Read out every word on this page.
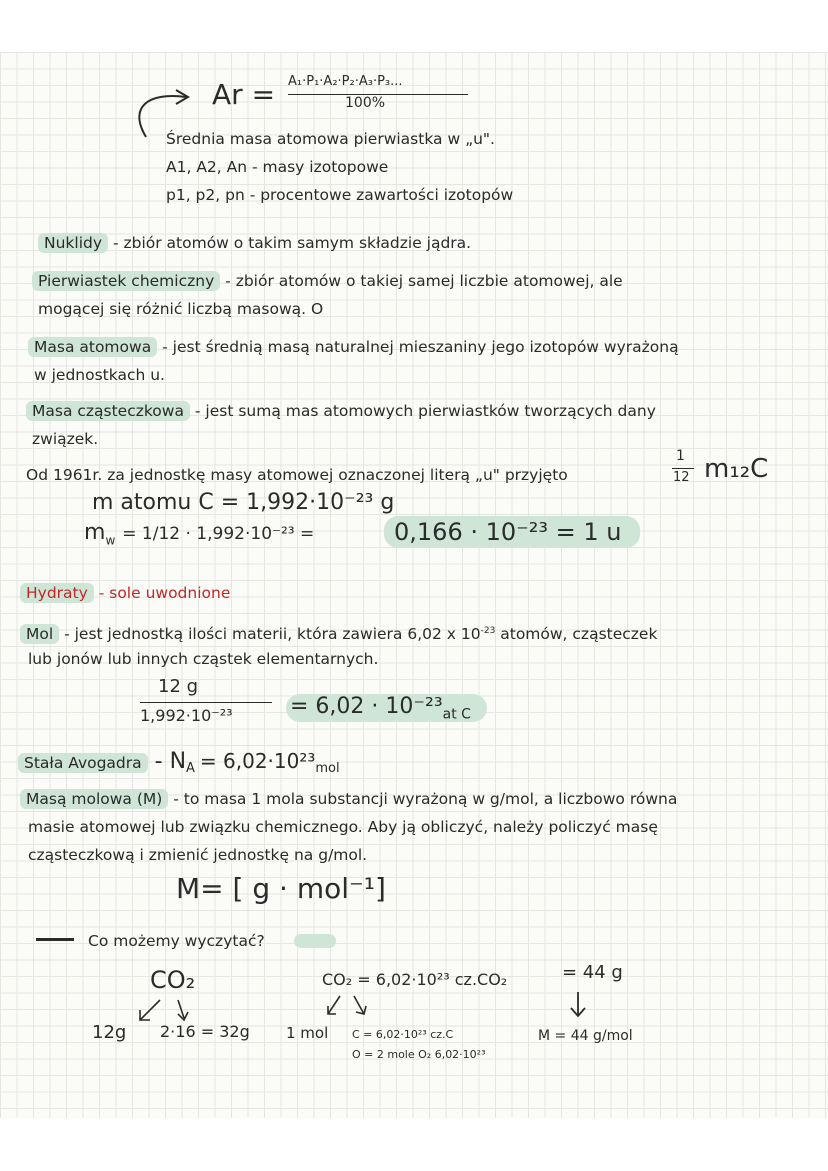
Ar = A₁·P₁·A₂·P₂·A₃·P₃...
100%
Średnia masa atomowa pierwiastka w „u".
A1, A2, An - masy izotopowe
p1, p2, pn - procentowe zawartości izotopów
Nuklidy - zbiór atomów o takim samym składzie jądra.
Pierwiastek chemiczny - zbiór atomów o takiej samej liczbie atomowej, ale
mogącej się różnić liczbą masową. O
Masa atomowa - jest średnią masą naturalnej mieszaniny jego izotopów wyrażoną
w jednostkach u.
Masa cząsteczkowa - jest sumą mas atomowych pierwiastków tworzących dany
związek.
Od 1961r. za jednostkę masy atomowej oznaczonej literą „u" przyjęto
1
12 m₁₂C
m atomu C = 1,992·10⁻²³ g
$m_w = 1/12 \cdot 1,992\cdot 10^{-23}$ =	0,166 · 10⁻²³ = 1 u
Hydraty - sole uwodnione
Mol - jest jednostką ilości materii, która zawiera 6,02 x $10^{-23}$ atomów, cząsteczek
lub jonów lub innych cząstek elementarnych.
12 g
1,992·10⁻²³	= $6,02 \cdot 10^{-23}_{at C}$
Stała Avogadra - $N_A = 6,02\cdot 10^{23}_{mol}$
Masą molowa (M) - to masa 1 mola substancji wyrażoną w g/mol, a liczbowo równa
masie atomowej lub związku chemicznego. Aby ją obliczyć, należy policzyć masę
cząsteczkową i zmienić jednostkę na g/mol.
M= [ g · mol⁻¹]
Co możemy wyczytać?
CO₂
12g 2·16 = 32g
CO₂ = 6,02·10²³ cz.CO₂	= 44 g
1 mol C = 6,02·10²³ cz.C
O = 2 mole O₂ 6,02·10²³
M = 44 g/mol
